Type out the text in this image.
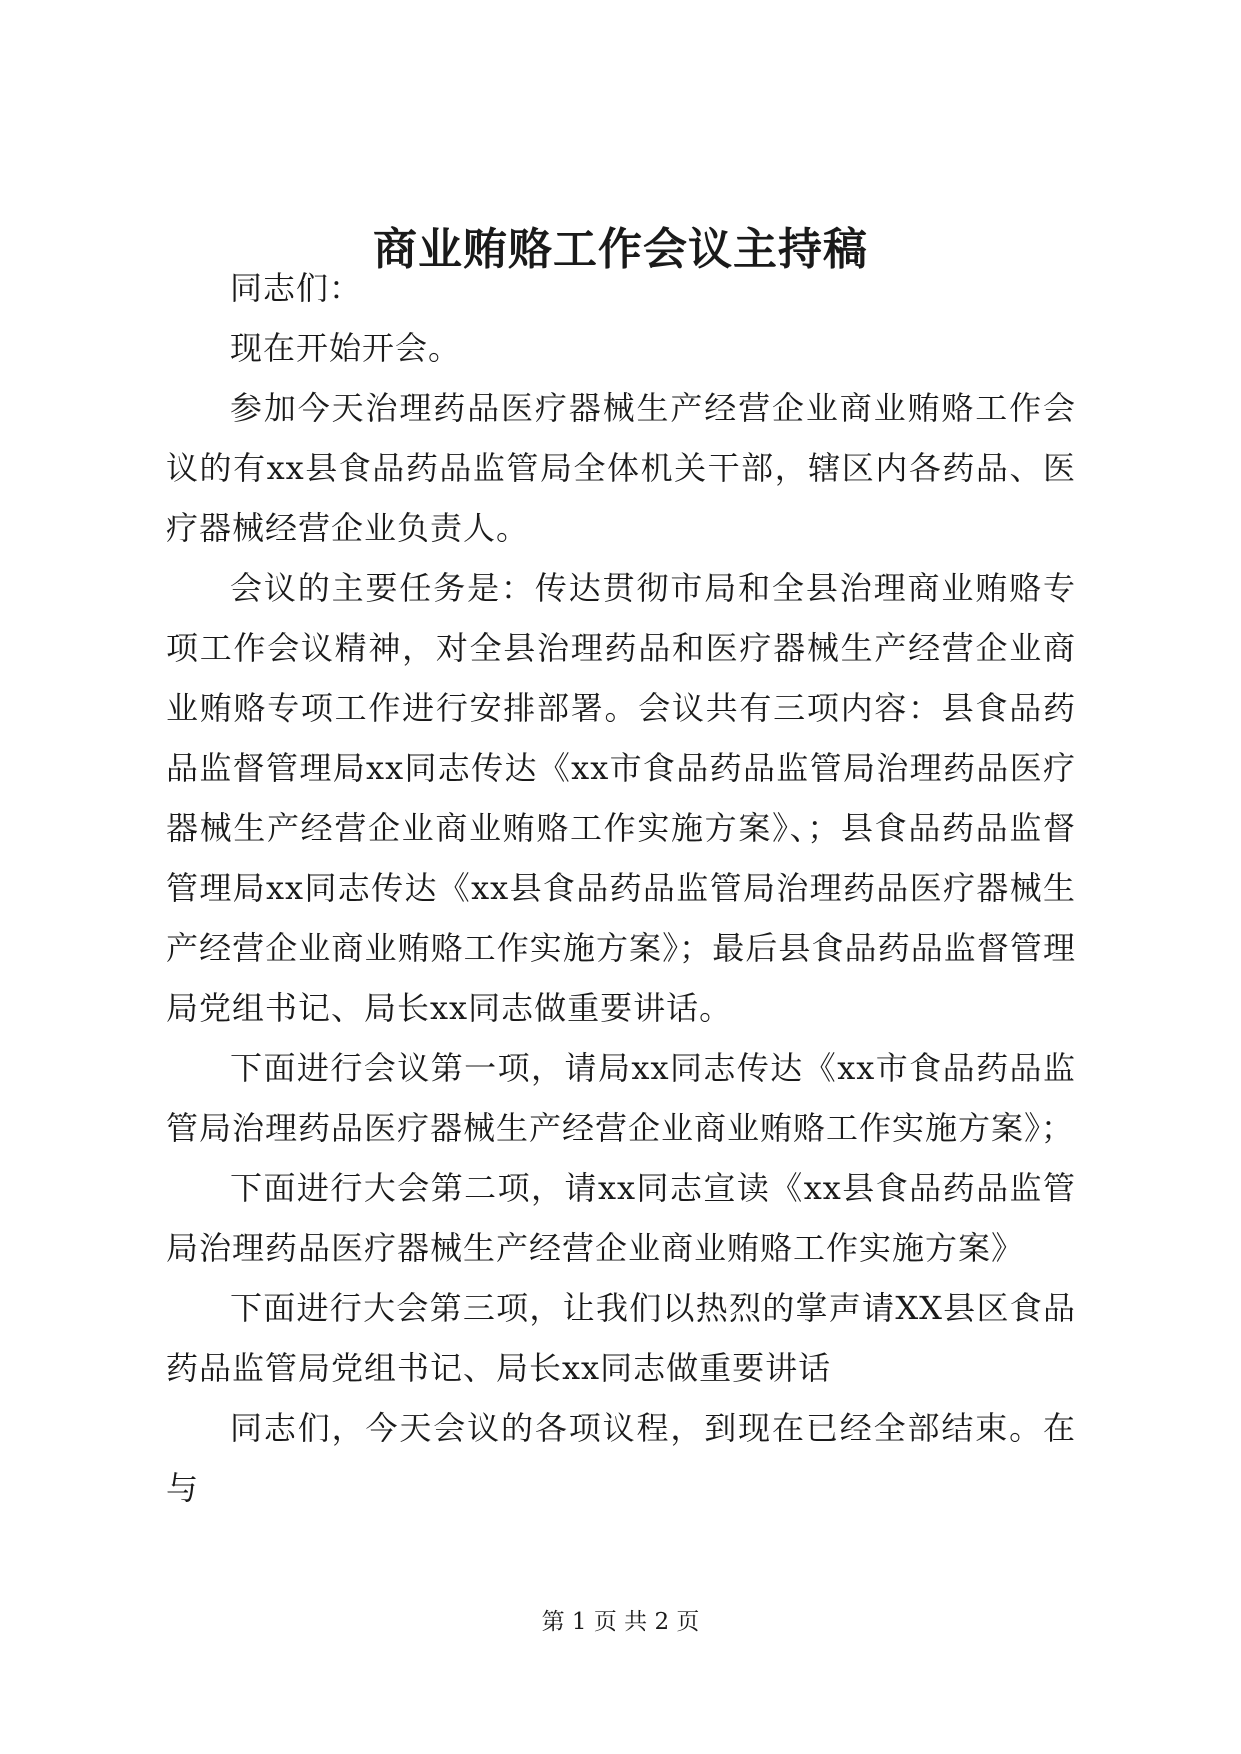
商业贿赂工作会议主持稿

同志们：

现在开始开会。

参加今天治理药品医疗器械生产经营企业商业贿赂工作会议的有xx县食品药品监管局全体机关干部，辖区内各药品、医疗器械经营企业负责人。

会议的主要任务是：传达贯彻市局和全县治理商业贿赂专项工作会议精神，对全县治理药品和医疗器械生产经营企业商业贿赂专项工作进行安排部署。会议共有三项内容：县食品药品监督管理局xx同志传达《xx市食品药品监管局治理药品医疗器械生产经营企业商业贿赂工作实施方案》、；县食品药品监督管理局xx同志传达《xx县食品药品监管局治理药品医疗器械生产经营企业商业贿赂工作实施方案》；最后县食品药品监督管理局党组书记、局长xx同志做重要讲话。

下面进行会议第一项，请局xx同志传达《xx市食品药品监管局治理药品医疗器械生产经营企业商业贿赂工作实施方案》；

下面进行大会第二项，请xx同志宣读《xx县食品药品监管局治理药品医疗器械生产经营企业商业贿赂工作实施方案》

下面进行大会第三项，让我们以热烈的掌声请XX县区食品药品监管局党组书记、局长xx同志做重要讲话

同志们，今天会议的各项议程，到现在已经全部结束。在与

第 1 页 共 2 页
